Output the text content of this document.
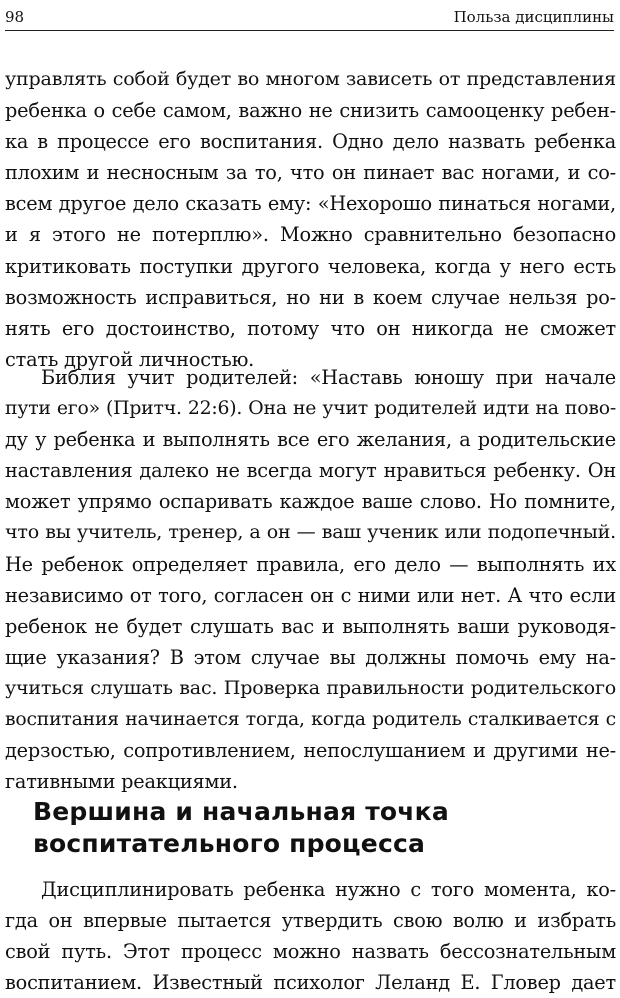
98	Польза дисциплины
управлять собой будет во многом зависеть от представления
ребенка о себе самом, важно не снизить самооценку ребен-
ка в процессе его воспитания. Одно дело назвать ребенка
плохим и несносным за то, что он пинает вас ногами, и со-
всем другое дело сказать ему: «Нехорошо пинаться ногами,
и я этого не потерплю». Можно сравнительно безопасно
критиковать поступки другого человека, когда у него есть
возможность исправиться, но ни в коем случае нельзя ро-
нять его достоинство, потому что он никогда не сможет
стать другой личностью.
Библия учит родителей: «Наставь юношу при начале
пути его» (Притч. 22:6). Она не учит родителей идти на пово-
ду у ребенка и выполнять все его желания, а родительские
наставления далеко не всегда могут нравиться ребенку. Он
может упрямо оспаривать каждое ваше слово. Но помните,
что вы учитель, тренер, а он — ваш ученик или подопечный.
Не ребенок определяет правила, его дело — выполнять их
независимо от того, согласен он с ними или нет. А что если
ребенок не будет слушать вас и выполнять ваши руководя-
щие указания? В этом случае вы должны помочь ему на-
учиться слушать вас. Проверка правильности родительского
воспитания начинается тогда, когда родитель сталкивается с
дерзостью, сопротивлением, непослушанием и другими не-
гативными реакциями.
Вершина и начальная точка
воспитательного процесса
Дисциплинировать ребенка нужно с того момента, ко-
гда он впервые пытается утвердить свою волю и избрать
свой путь. Этот процесс можно назвать бессознательным
воспитанием. Известный психолог Леланд Е. Гловер дает
